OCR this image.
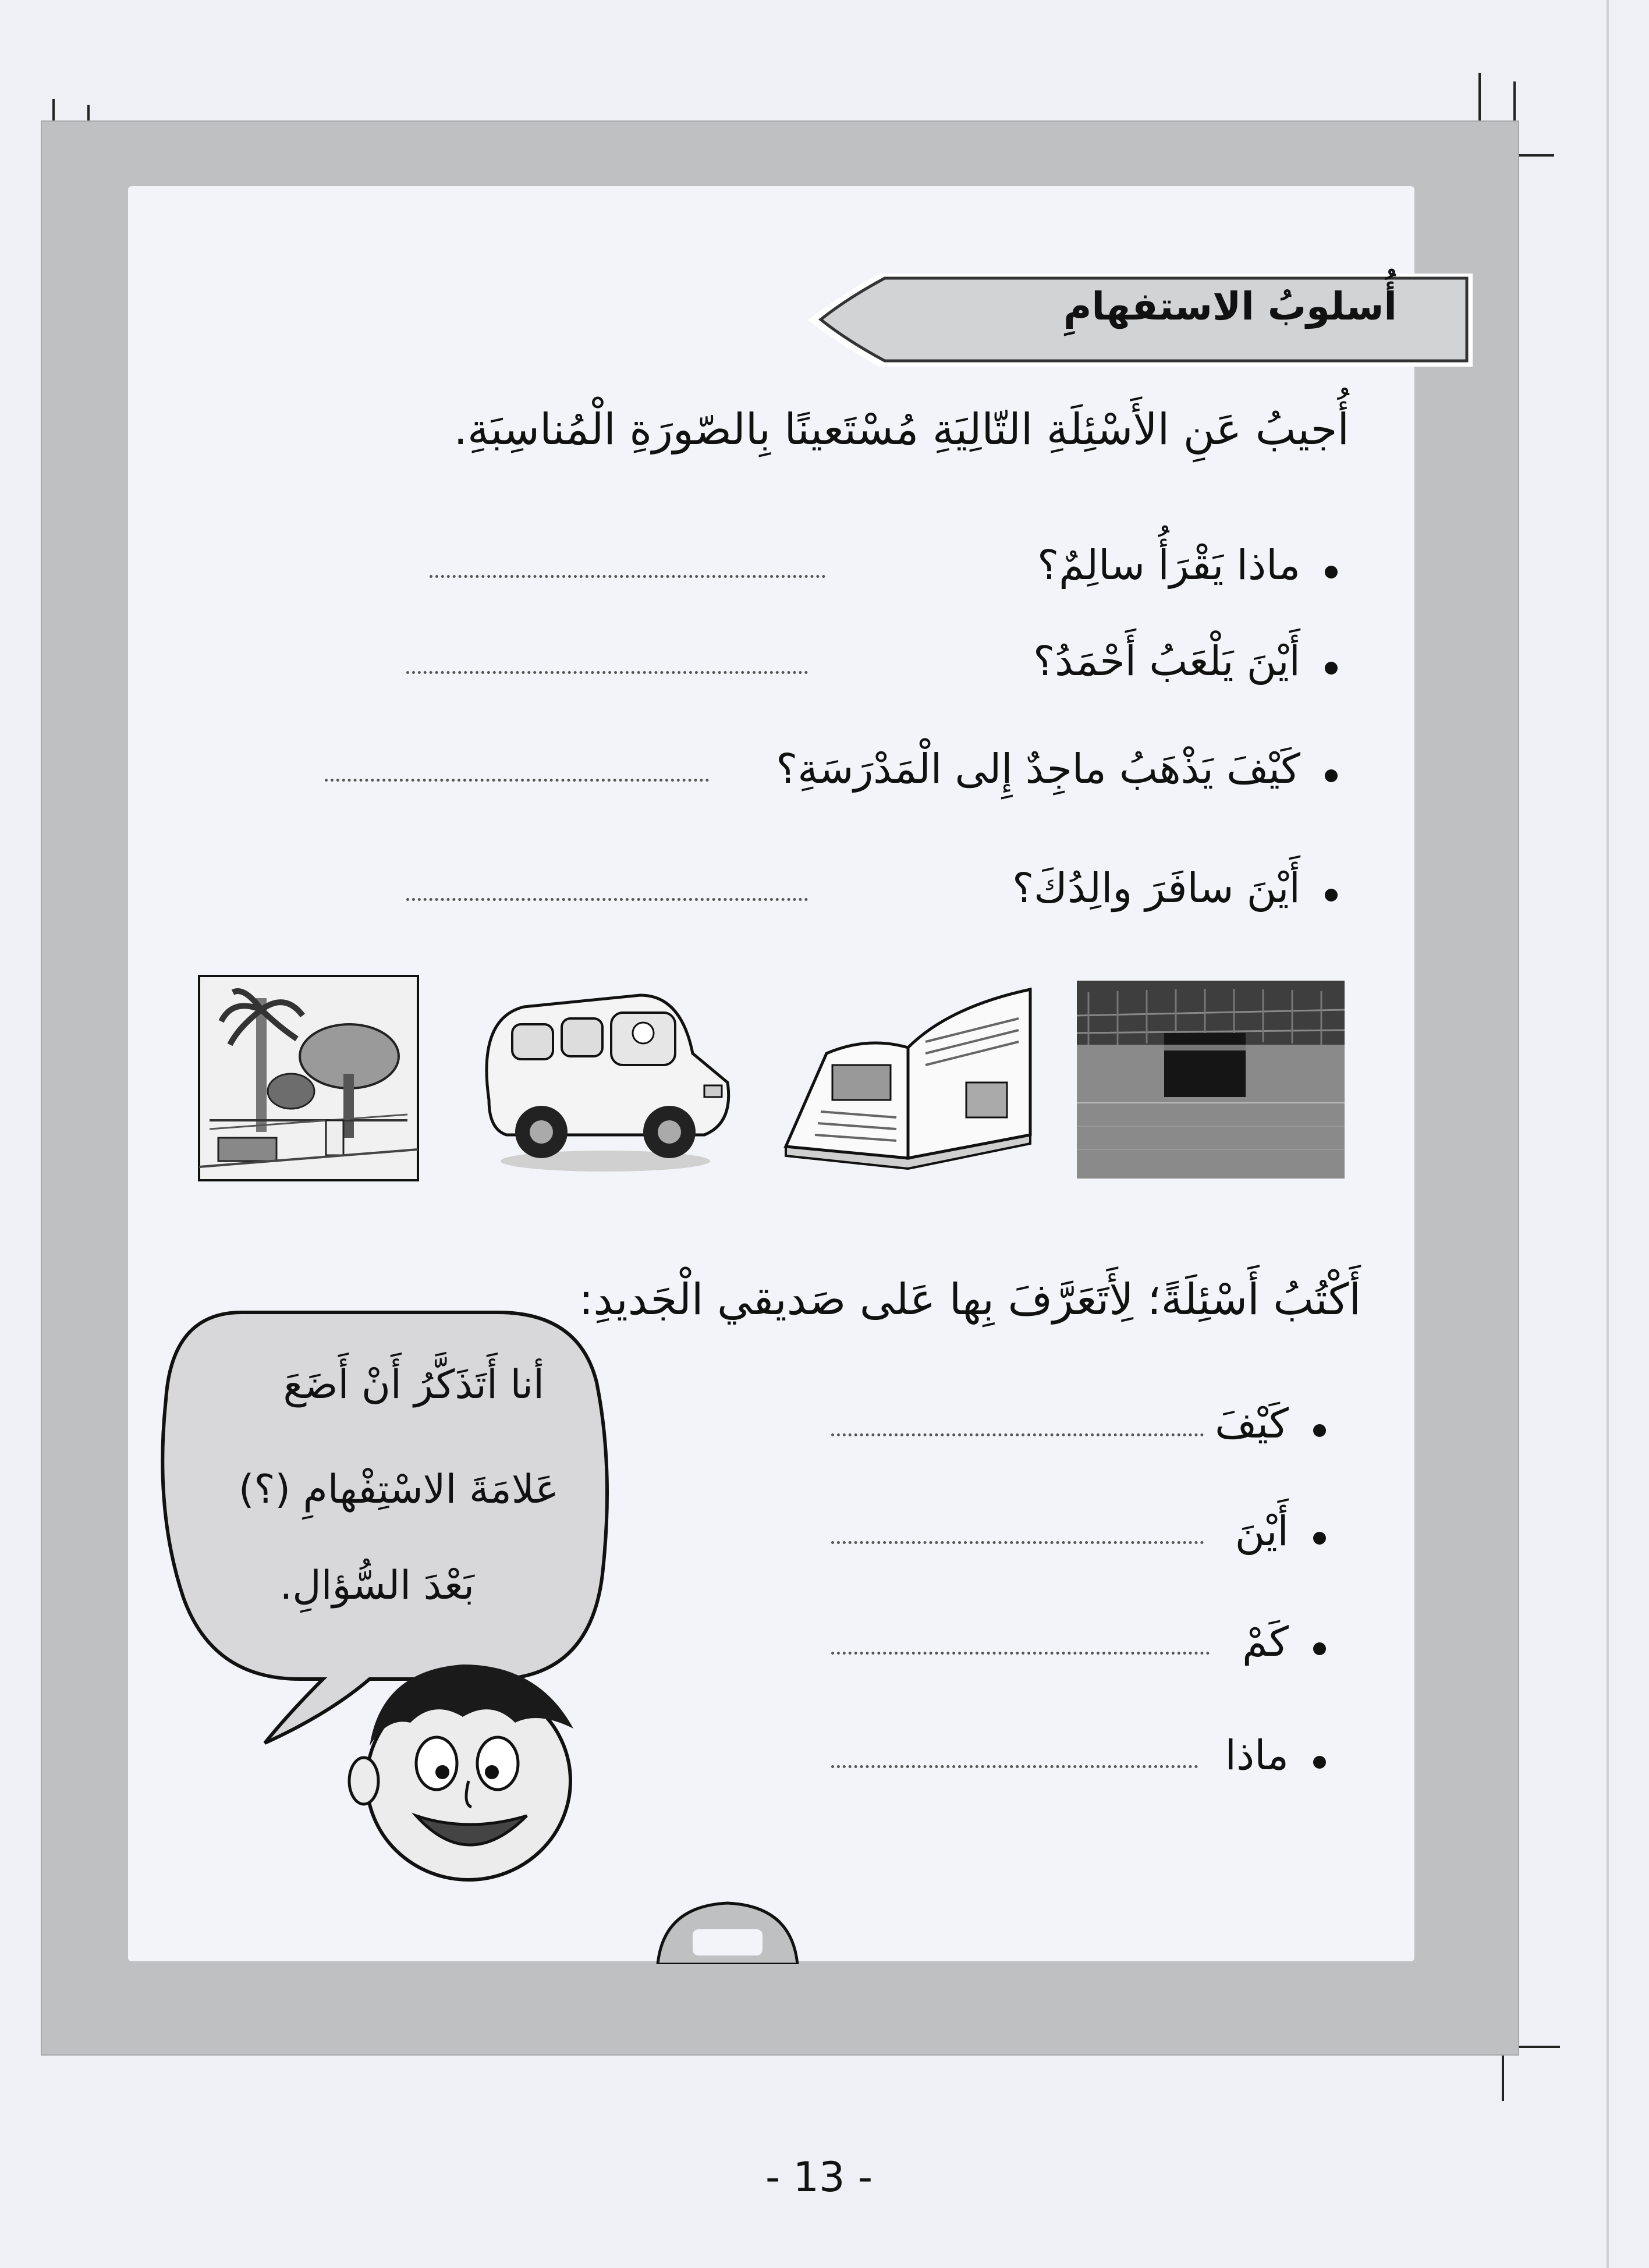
أُسلوبُ الاستفهامِ
أُجيبُ عَنِ الأَسْئِلَةِ التّالِيَةِ مُسْتَعينًا بِالصّورَةِ الْمُناسِبَةِ.
ماذا يَقْرَأُ سالِمٌ؟
أَيْنَ يَلْعَبُ أَحْمَدُ؟
كَيْفَ يَذْهَبُ ماجِدٌ إِلى الْمَدْرَسَةِ؟
أَيْنَ سافَرَ والِدُكَ؟
أَكْتُبُ أَسْئِلَةً؛ لِأَتَعَرَّفَ بِها عَلى صَديقي الْجَديدِ:
كَيْفَ
أَيْنَ
كَمْ
ماذا
أنا أَتَذَكَّرُ أَنْ أَضَعَ
عَلامَةَ الاسْتِفْهامِ (؟)
بَعْدَ السُّؤالِ.
- 13 -
